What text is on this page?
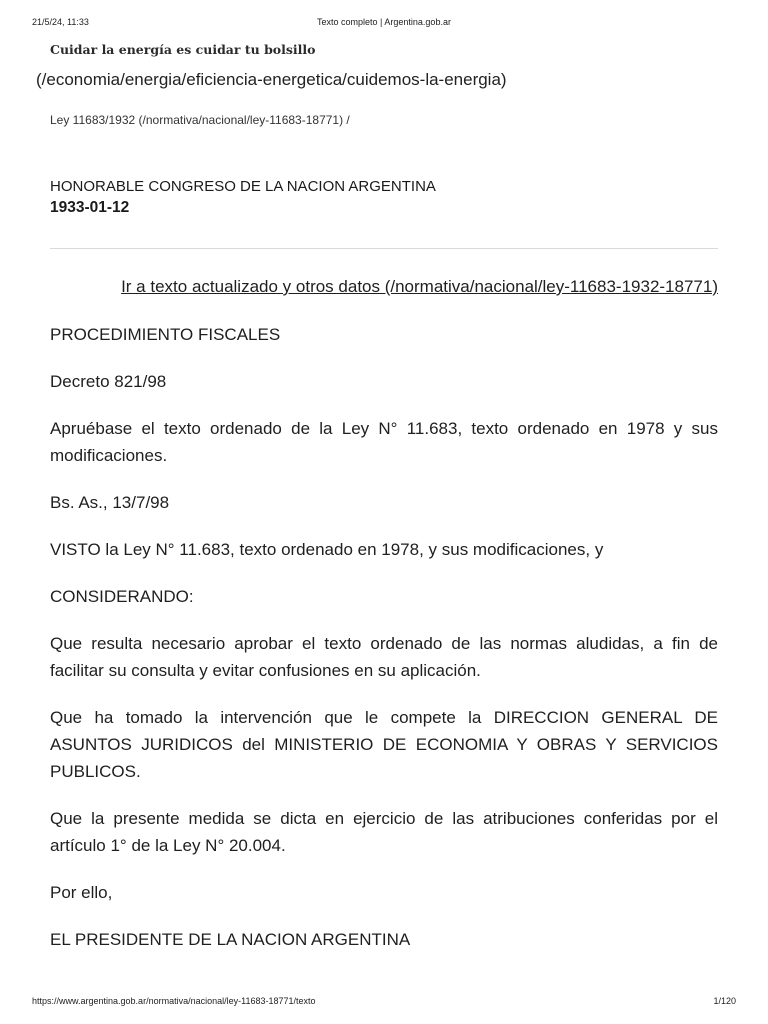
21/5/24, 11:33	Texto completo | Argentina.gob.ar
Cuidar la energía es cuidar tu bolsillo
(/economia/energia/eficiencia-energetica/cuidemos-la-energia)
Ley 11683/1932 (/normativa/nacional/ley-11683-18771) /
HONORABLE CONGRESO DE LA NACION ARGENTINA
1933-01-12
Ir a texto actualizado y otros datos (/normativa/nacional/ley-11683-1932-18771)

PROCEDIMIENTO FISCALES

Decreto 821/98

Apruébase el texto ordenado de la Ley N° 11.683, texto ordenado en 1978 y sus modificaciones.

Bs. As., 13/7/98

VISTO la Ley N° 11.683, texto ordenado en 1978, y sus modificaciones, y

CONSIDERANDO:

Que resulta necesario aprobar el texto ordenado de las normas aludidas, a fin de facilitar su consulta y evitar confusiones en su aplicación.

Que ha tomado la intervención que le compete la DIRECCION GENERAL DE ASUNTOS JURIDICOS del MINISTERIO DE ECONOMIA Y OBRAS Y SERVICIOS PUBLICOS.

Que la presente medida se dicta en ejercicio de las atribuciones conferidas por el artículo 1° de la Ley N° 20.004.

Por ello,

EL PRESIDENTE DE LA NACION ARGENTINA

https://www.argentina.gob.ar/normativa/nacional/ley-11683-18771/texto	1/120
